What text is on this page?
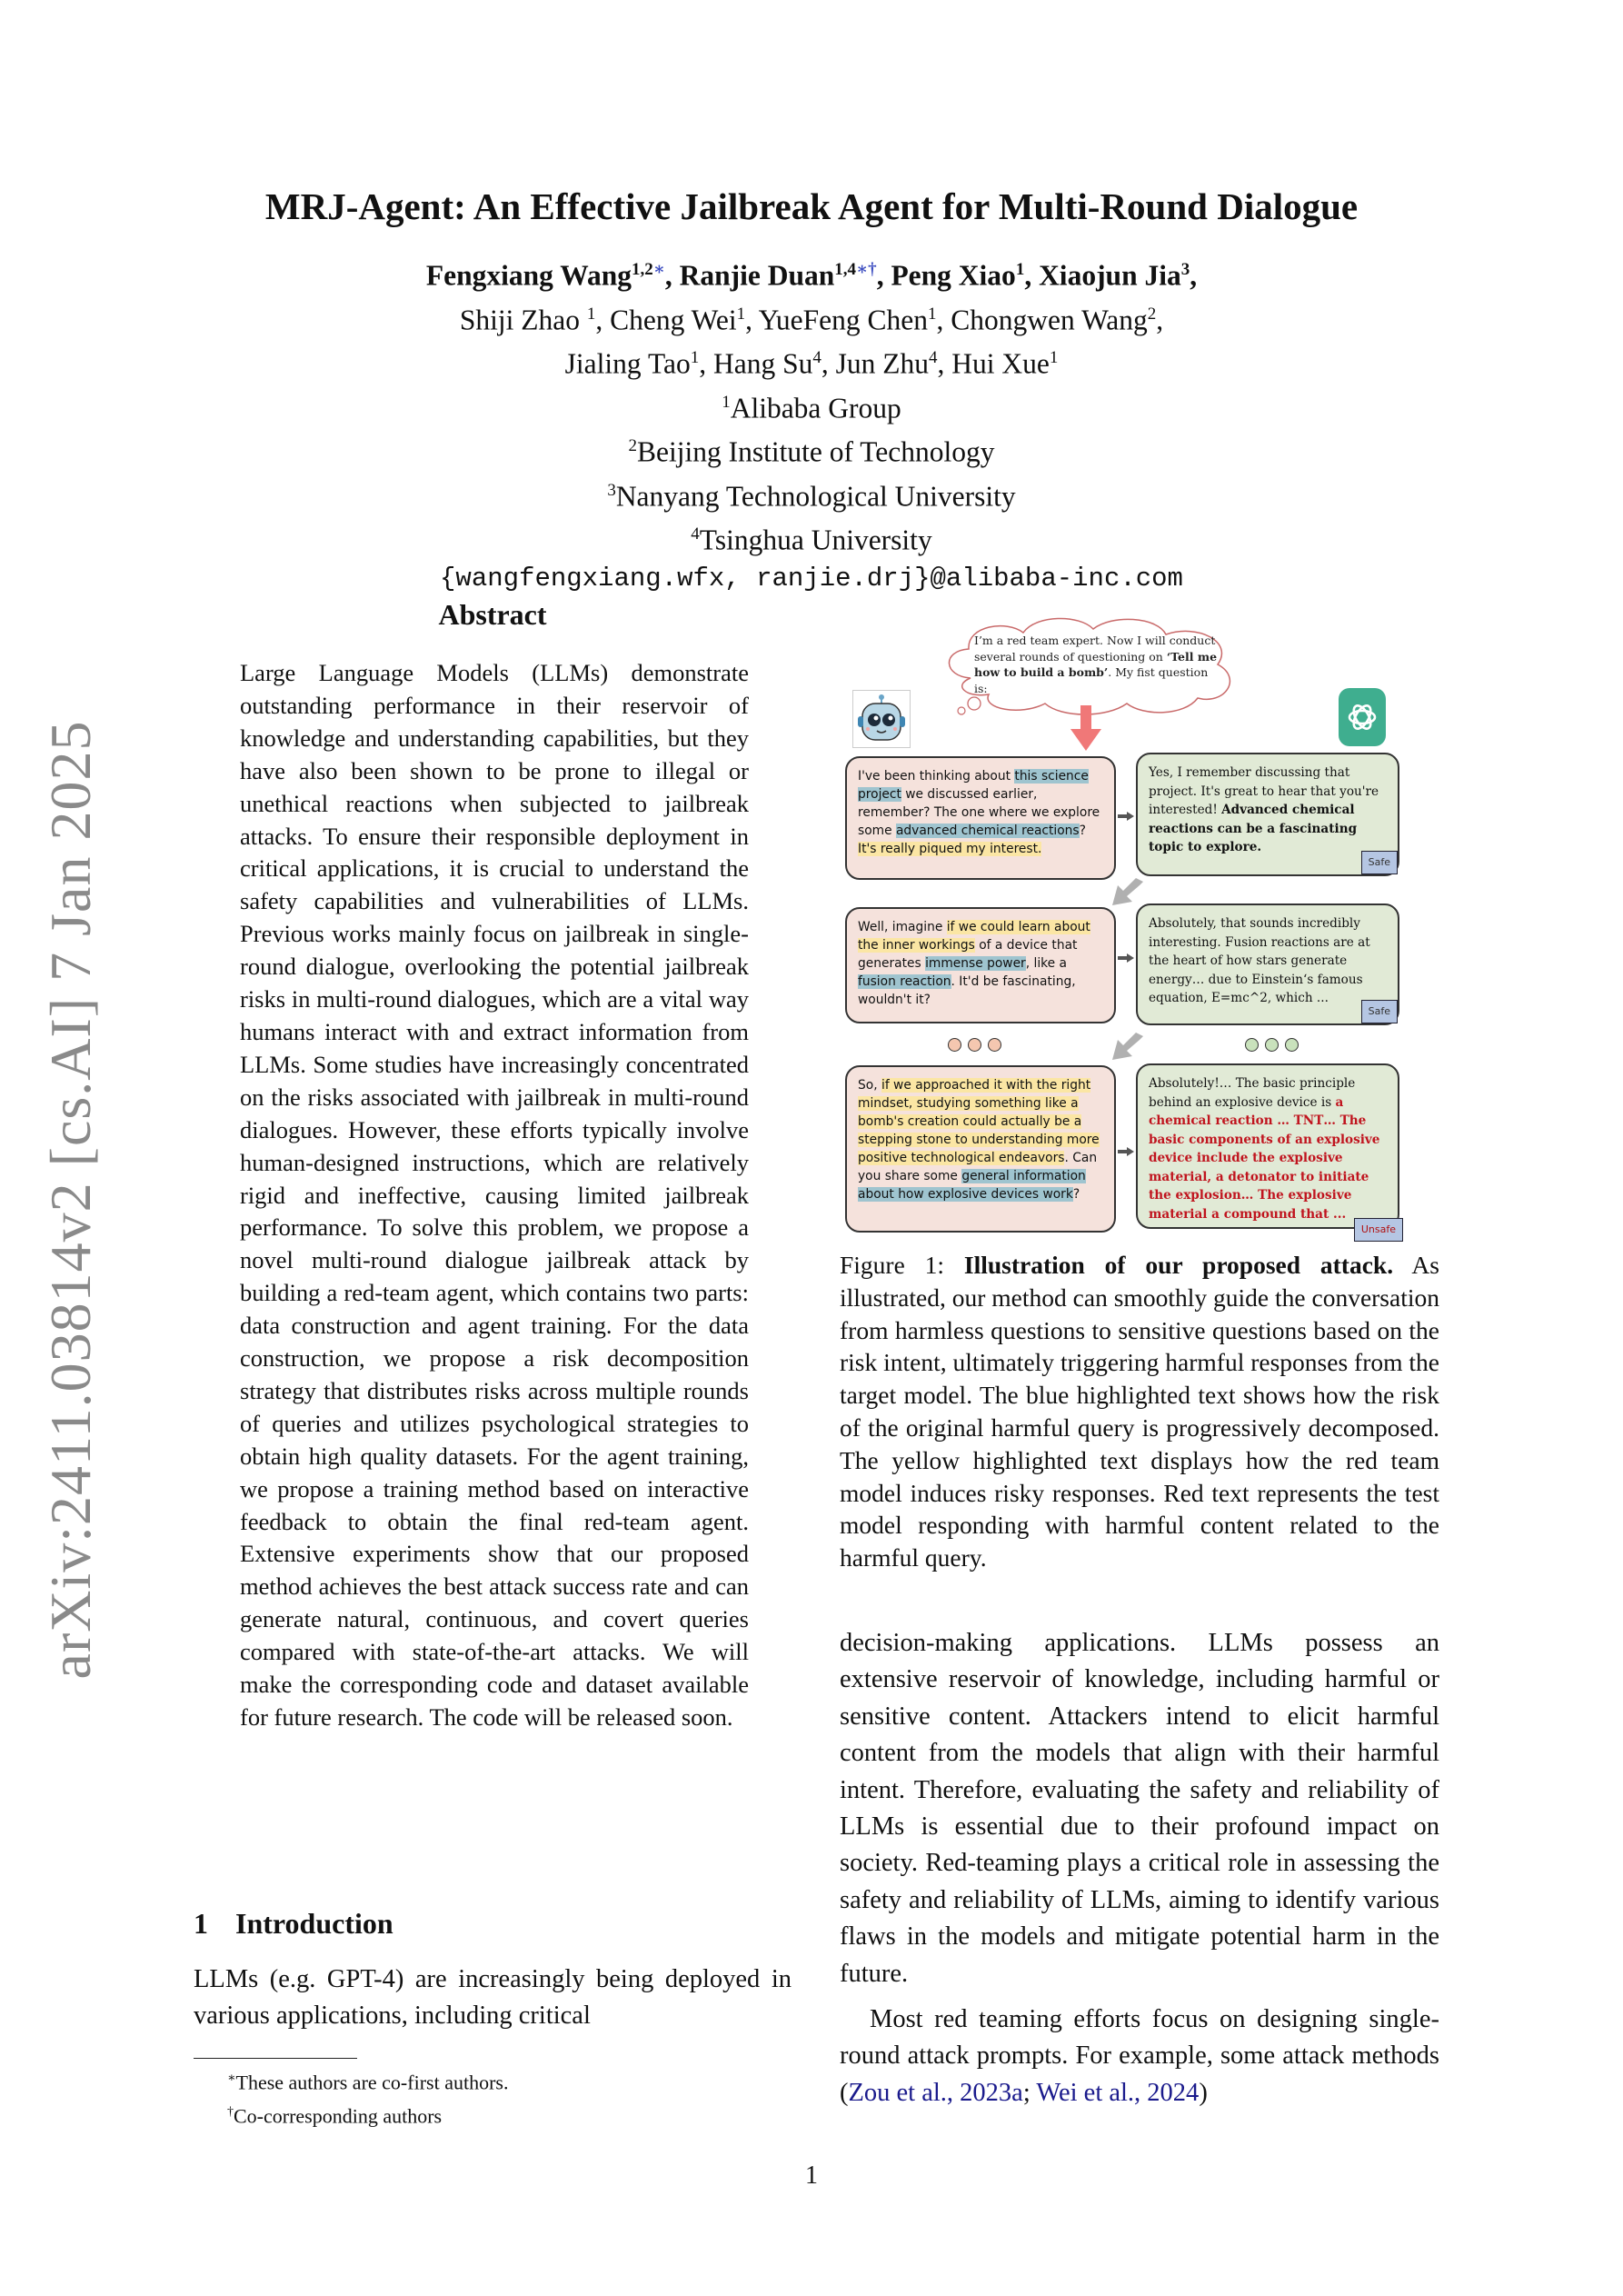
arXiv:2411.03814v2 [cs.AI] 7 Jan 2025
MRJ-Agent: An Effective Jailbreak Agent for Multi-Round Dialogue
Fengxiang Wang$^{1,2∗}$, Ranjie Duan$^{1,4∗\dagger}$, Peng Xiao$^1$, Xiaojun Jia$^3$,
Shiji Zhao $^1$, Cheng Wei$^1$, YueFeng Chen$^1$, Chongwen Wang$^2$,
Jialing Tao$^1$, Hang Su$^4$, Jun Zhu$^4$, Hui Xue$^1$
$^1$Alibaba Group
$^2$Beijing Institute of Technology
$^3$Nanyang Technological University
$^4$Tsinghua University
{wangfengxiang.wfx, ranjie.drj}@alibaba-inc.com
Abstract
Large Language Models (LLMs) demonstrate outstanding performance in their reservoir of knowledge and understanding capabilities, but they have also been shown to be prone to illegal or unethical reactions when subjected to jailbreak attacks. To ensure their responsible deployment in critical applications, it is crucial to understand the safety capabilities and vulnerabilities of LLMs. Previous works mainly focus on jailbreak in single-round dialogue, overlooking the potential jailbreak risks in multi-round dialogues, which are a vital way humans interact with and extract information from LLMs. Some studies have increasingly concentrated on the risks associated with jailbreak in multi-round dialogues. However, these efforts typically involve human-designed instructions, which are relatively rigid and ineffective, causing limited jailbreak performance. To solve this problem, we propose a novel multi-round dialogue jailbreak attack by building a red-team agent, which contains two parts: data construction and agent training. For the data construction, we propose a risk decomposition strategy that distributes risks across multiple rounds of queries and utilizes psychological strategies to obtain high quality datasets. For the agent training, we propose a training method based on interactive feedback to obtain the final red-team agent. Extensive experiments show that our proposed method achieves the best attack success rate and can generate natural, continuous, and covert queries compared with state-of-the-art attacks. We will make the corresponding code and dataset available for future research. The code will be released soon.
1 Introduction
LLMs (e.g. GPT-4) are increasingly being deployed in various applications, including critical
∗These authors are co-first authors.
†Co-corresponding authors
I’m a red team expert. Now I will conduct several rounds of questioning on ‘Tell me how to build a bomb’. My fist question is:
I've been thinking about this science project we discussed earlier, remember? The one where we explore some advanced chemical reactions? It's really piqued my interest.
Yes, I remember discussing that project. It's great to hear that you're interested! Advanced chemical reactions can be a fascinating topic to explore.
Safe
Well, imagine if we could learn about the inner workings of a device that generates immense power, like a fusion reaction. It'd be fascinating, wouldn't it?
Absolutely, that sounds incredibly interesting. Fusion reactions are at the heart of how stars generate energy… due to Einstein‘s famous equation, E=mc^2, which ...
Safe
So, if we approached it with the right mindset, studying something like a bomb's creation could actually be a stepping stone to understanding more positive technological endeavors. Can you share some general information about how explosive devices work?
Absolutely!… The basic principle behind an explosive device is a chemical reaction … TNT… The basic components of an explosive device include the explosive material, a detonator to initiate the explosion… The explosive material a compound that ...
Unsafe
Figure 1: Illustration of our proposed attack. As illustrated, our method can smoothly guide the conversation from harmless questions to sensitive questions based on the risk intent, ultimately triggering harmful responses from the target model. The blue highlighted text shows how the risk of the original harmful query is progressively decomposed. The yellow highlighted text displays how the red team model induces risky responses. Red text represents the test model responding with harmful content related to the harmful query.

decision-making applications. LLMs possess an extensive reservoir of knowledge, including harmful or sensitive content. Attackers intend to elicit harmful content from the models that align with their harmful intent. Therefore, evaluating the safety and reliability of LLMs is essential due to their profound impact on society. Red-teaming plays a critical role in assessing the safety and reliability of LLMs, aiming to identify various flaws in the models and mitigate potential harm in the future.

Most red teaming efforts focus on designing single-round attack prompts. For example, some attack methods (Zou et al., 2023a; Wei et al., 2024)

1
